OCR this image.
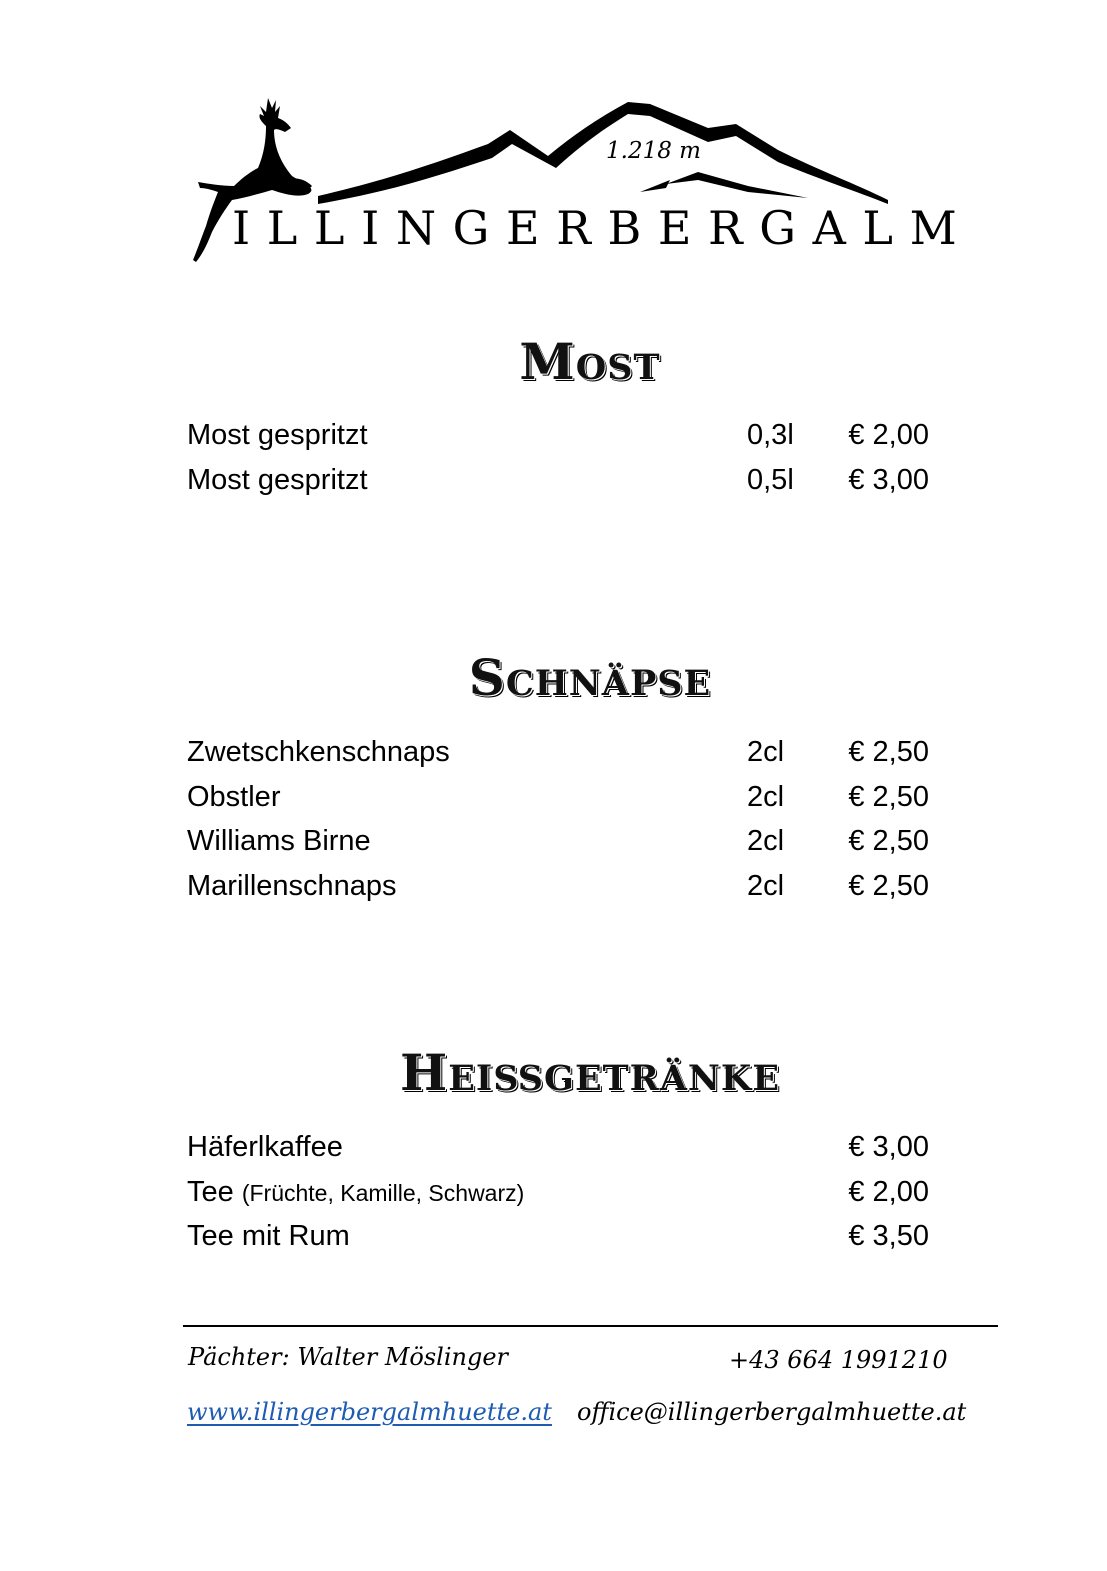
1.218 m
ILLINGERBERGALM
Most
Most gespritzt	0,3l € 2,00
Most gespritzt	0,5l € 3,00
Schnäpse
Zwetschkenschnaps	2cl € 2,50
Obstler	2cl € 2,50
Williams Birne	2cl € 2,50
Marillenschnaps	2cl € 2,50
Heißgetränke
Häferlkaffee	€ 3,00
Tee (Früchte, Kamille, Schwarz)	€ 2,00
Tee mit Rum	€ 3,50
Pächter: Walter Möslinger	+43 664 1991210
www.illingerbergalmhuette.at office@illingerbergalmhuette.at
